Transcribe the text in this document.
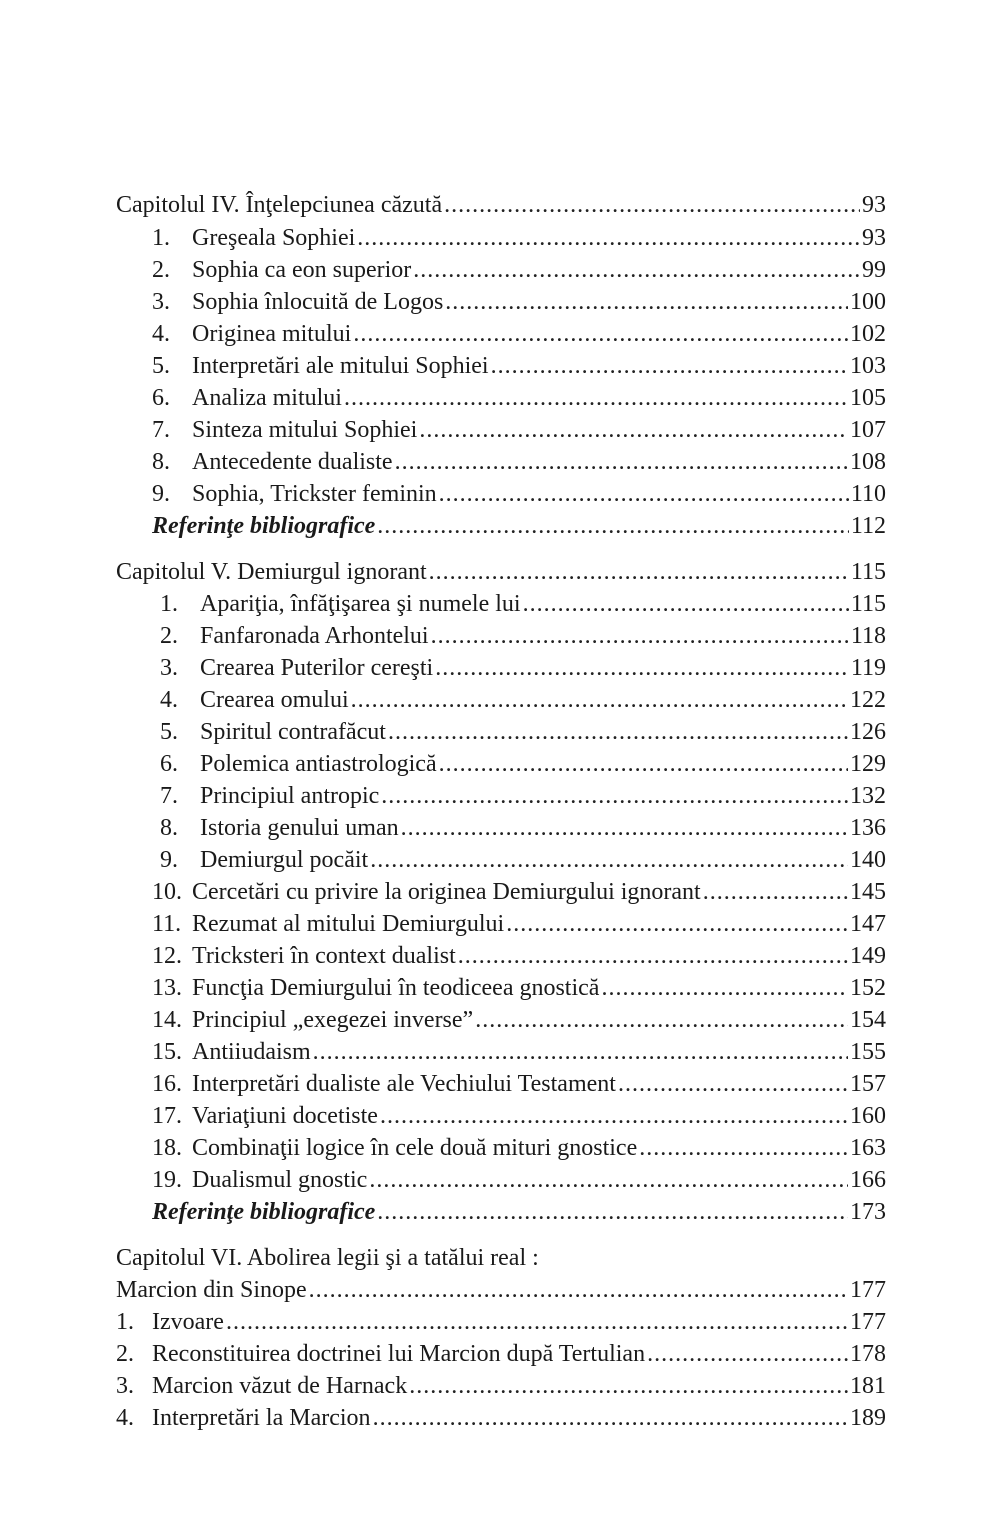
Capitolul IV. Înţelepciunea căzută .....	93
1. Greşeala Sophiei .....	93
2. Sophia ca eon superior .....	99
3. Sophia înlocuită de Logos .....	100
4. Originea mitului .....	102
5. Interpretări ale mitului Sophiei .....	103
6. Analiza mitului .....	105
7. Sinteza mitului Sophiei .....	107
8. Antecedente dualiste .....	108
9. Sophia, Trickster feminin .....	110
Referinţe bibliografice .....	112
Capitolul V. Demiurgul ignorant .....	115
1. Apariţia, înfăţişarea şi numele lui .....	115
2. Fanfaronada Arhontelui .....	118
3. Crearea Puterilor cereşti .....	119
4. Crearea omului .....	122
5. Spiritul contrafăcut .....	126
6. Polemica antiastrologică .....	129
7. Principiul antropic .....	132
8. Istoria genului uman .....	136
9. Demiurgul pocăit .....	140
10. Cercetări cu privire la originea Demiurgului ignorant .....	145
11. Rezumat al mitului Demiurgului .....	147
12. Tricksteri în context dualist .....	149
13. Funcţia Demiurgului în teodiceea gnostică .....	152
14. Principiul „exegezei inverse” .....	154
15. Antiiudaism .....	155
16. Interpretări dualiste ale Vechiului Testament .....	157
17. Variaţiuni docetiste .....	160
18. Combinaţii logice în cele două mituri gnostice .....	163
19. Dualismul gnostic .....	166
Referinţe bibliografice .....	173
Capitolul VI. Abolirea legii şi a tatălui real :
Marcion din Sinope .....	177
1. Izvoare .....	177
2. Reconstituirea doctrinei lui Marcion după Tertulian .....	178
3. Marcion văzut de Harnack .....	181
4. Interpretări la Marcion .....	189
